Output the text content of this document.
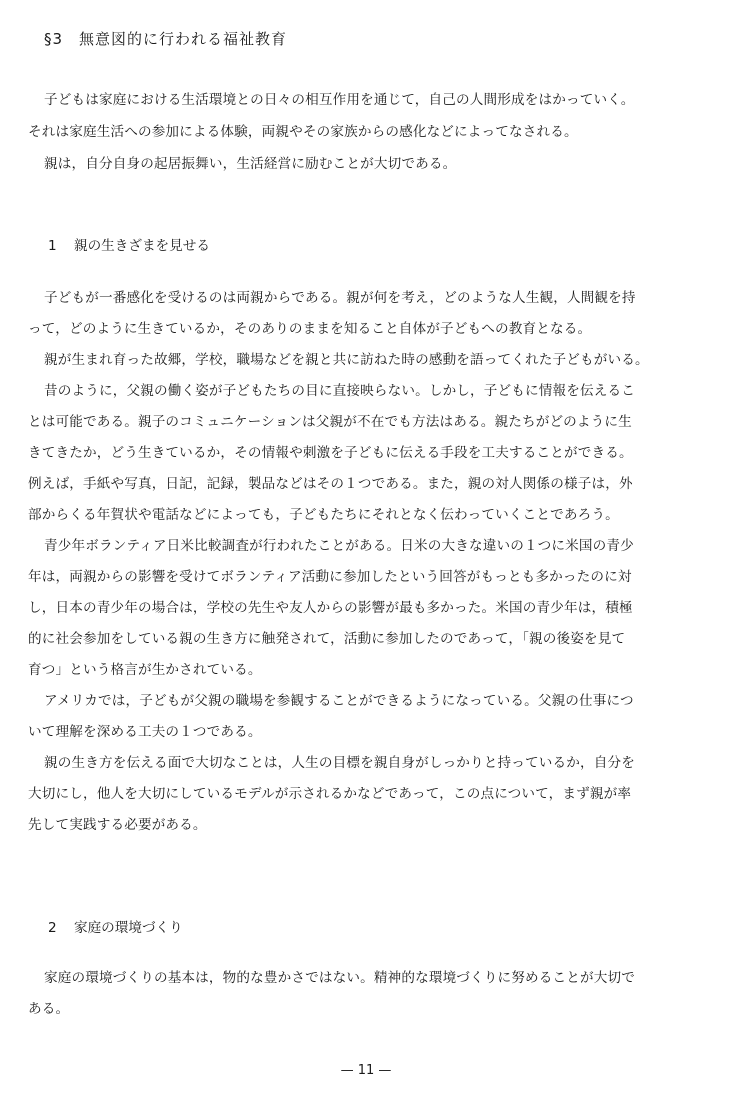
§3 無意図的に行われる福祉教育
子どもは家庭における生活環境との日々の相互作用を通じて，自己の人間形成をはかっていく。
それは家庭生活への参加による体験，両親やその家族からの感化などによってなされる。
親は，自分自身の起居振舞い，生活経営に励むことが大切である。
1 親の生きざまを見せる
子どもが一番感化を受けるのは両親からである。親が何を考え，どのような人生観，人間観を持
って，どのように生きているか，そのありのままを知ること自体が子どもへの教育となる。
親が生まれ育った故郷，学校，職場などを親と共に訪ねた時の感動を語ってくれた子どもがいる。
昔のように，父親の働く姿が子どもたちの目に直接映らない。しかし，子どもに情報を伝えるこ
とは可能である。親子のコミュニケーションは父親が不在でも方法はある。親たちがどのように生
きてきたか，どう生きているか，その情報や刺激を子どもに伝える手段を工夫することができる。
例えば，手紙や写真，日記，記録，製品などはその１つである。また，親の対人関係の様子は，外
部からくる年賀状や電話などによっても，子どもたちにそれとなく伝わっていくことであろう。
青少年ボランティア日米比較調査が行われたことがある。日米の大きな違いの１つに米国の青少
年は，両親からの影響を受けてボランティア活動に参加したという回答がもっとも多かったのに対
し，日本の青少年の場合は，学校の先生や友人からの影響が最も多かった。米国の青少年は，積極
的に社会参加をしている親の生き方に触発されて，活動に参加したのであって，「親の後姿を見て
育つ」という格言が生かされている。
アメリカでは，子どもが父親の職場を参観することができるようになっている。父親の仕事につ
いて理解を深める工夫の１つである。
親の生き方を伝える面で大切なことは，人生の目標を親自身がしっかりと持っているか，自分を
大切にし，他人を大切にしているモデルが示されるかなどであって，この点について，まず親が率
先して実践する必要がある。
2 家庭の環境づくり
家庭の環境づくりの基本は，物的な豊かさではない。精神的な環境づくりに努めることが大切で
ある。
— 11 —
